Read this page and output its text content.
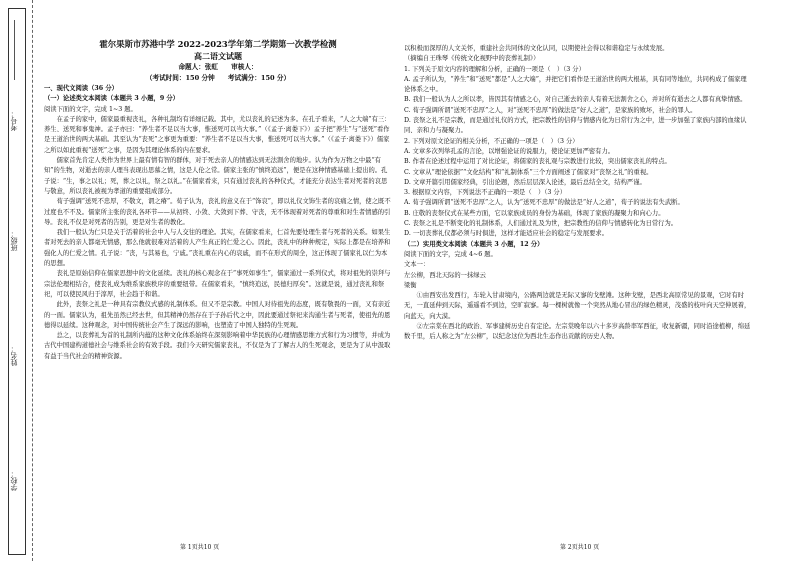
学校：
姓名：
班级：
考号：
霍尔果斯市苏港中学 2022-2023学年第二学期第一次教学检测
高二语文试题
命题人：张虹　　审核人：
（考试时间：150 分钟　　考试满分：150 分）
一、现代文阅读（36 分）
（一）论述类文本阅读（本题共 3 小题，9 分）

阅读下面的文字，完成 1~3 题。

在孟子的家中，儒家最重视丧礼，各种礼制均有详细记载。其中，尤以丧礼的记述为多。在孔子看来，“人之大端”有三：养生、送死和事鬼神。孟子亦曰：“养生者不足以当大事，惟送死可以当大事。”（《孟子·离娄下》）孟子把“养生”与“送死”看作是王道治世的两大基础。其至认为“丧死”之事更为重要：“养生者不足以当大事，惟送死可以当大事。”（《孟子·离娄下》）儒家之所以如此重视“送死”之事，是因为其理论体系的内在要求。

儒家首先肯定人类作为世界上最有情有智的群体，对于死去亲人的情感达到无法割舍的地步。认为作为万物之中最“有知”的生物，对逝去的亲人理当表现出思慕之情，这是人伦之常。儒家主张的“慎终追远”，便是在这种情感基础上提出的。孔子说：“生，事之以礼；死，葬之以礼，祭之以礼。”在儒家看来，只有通过丧礼的各种仪式，才能充分表达生者对死者的哀思与敬意，所以丧礼被视为孝道的重要组成部分。

荀子强调“送死不忠厚，不敬文，谓之瘠”。荀子认为，丧礼的意义在于“饰哀”，即以礼仪文饰生者的哀痛之情，使之既不过度也不不及。儒家所主张的丧礼各环节——从初终、小敛、大敛到下葬、守丧，无不体现着对死者的尊重和对生者情感的引导。丧礼不仅是对死者的告别，更是对生者的教化。

我们一般认为仁只是关于活着的社会中人与人交往的理论。其实，在儒家看来，仁首先要处理生者与死者的关系。如果生者对死去的亲人都毫无情感，那么他就很难对活着的人产生真正的仁爱之心。因此，丧礼中的种种规定，实际上都是在培养和强化人的仁爱之情。孔子说：“丧，与其易也，宁戚。”丧礼重在内心的哀戚，而不在形式的周全，这正体现了儒家礼以仁为本的思想。

丧礼是原始信仰在儒家思想中的文化延续。丧礼的核心观念在于“事死如事生”，儒家通过一系列仪式，将对祖先的崇拜与宗法伦理相结合，使丧礼成为维系家族秩序的重要纽带。在儒家看来，“慎终追远，民德归厚矣”。这就是说，通过丧礼和祭祀，可以使民风归于淳厚，社会趋于和谐。

此外，丧祭之礼是一种具有宗教仪式感的礼制体系。但又不是宗教。中国人对待祖先的态度，既有敬畏的一面，又有亲近的一面。儒家认为，祖先虽然已经去世，但其精神仍然存在于子孙后代之中，因此要通过祭祀来沟通生者与死者，使祖先的恩德得以延续。这种观念，对中国传统社会产生了深远的影响，也塑造了中国人独特的生死观。

总之，以丧葬礼为首的礼制所内蕴的这种文化体系始终在深刻影响着中华民族的心理情感思维方式和行为习惯等，并成为古代中国建构道德社会与维系社会的有效手段。我们今天研究儒家丧礼，不仅是为了了解古人的生死观念，更是为了从中汲取有益于当代社会的精神资源。

以积极而深厚的人文关怀，重建社会共同体的文化认同，以期使社会得以和谐稳定与永续发展。

（摘编自王珠琴《传统文化视野中的丧葬礼制》）

1. 下列关于原文内容的理解和分析，正确的一项是（　）（3 分）

A. 孟子所认为，“养生”和“送死”都是“人之大端”，并把它们看作是王道治世的两大根基，具有同等地位，共同构成了儒家理论体系之中。

B. 我们一般认为人之所以孝，皆因其有情感之心，对自己逝去的亲人有着无法割舍之心，并对所有逝去之人都有真挚情感。

C. 荀子强调所谓“送死不忠厚”之人，对“送死不忠厚”的做法是“好人之道”，是家族的败坏，社会的罪人。

D. 丧祭之礼不是宗教，而是通过礼仪的方式，把宗教性的信仰与情感内化为日常行为之中，进一步加强了家族内部的血缘认同、亲和力与凝聚力。

2. 下列对原文论证的相关分析，不正确的一项是（　）（3 分）

A. 文章多次列举孔孟的言论，以增强论证的说服力，使论证更加严密有力。

B. 作者在论述过程中运用了对比论证，将儒家的丧礼观与宗教进行比较，突出儒家丧礼的特点。

C. 文章从“理论依据”“文化结构”和“礼制体系”三个方面阐述了儒家对“丧祭之礼”的重视。

D. 文章开篇引用儒家经典，引出论题，然后层层深入论述，最后总结全文，结构严谨。

3. 根据原文内容，下列说法不正确的一项是（　）（3 分）

A. 荀子强调所谓“送死不忠厚”之人，认为“送死不忠厚”的做法是“好人之道”，荀子的说法有失武断。

B. 庄敬的丧祭仪式在某些方面，它以家族成员的身份为基础，体现了家族的凝聚力和向心力。

C. 丧祭之礼是不断变化的礼制体系，人们通过礼及为世，把宗教性的信仰与情感转化为日常行为。

D. 一切丧葬礼仪都必须与时俱进，这样才能适应社会的稳定与发展要求。

（二）实用类文本阅读（本题共 3 小题，12 分）

阅读下面的文字，完成 4~6 题。

文本一：

左公柳，西北天际的一抹绿云

梁衡

①由西安出发西行，车轮入甘肃境内，公路两边就是无际又寥的戈壁滩。这种戈壁，是西北高原常见的景观，它时有时无，一直延伸到天际，遥遥看不到边，空旷寂寥。每一棵树就像一个突然从地心冒出的绿色精灵，茂盛的枝叶向天空伸展着，向蓝天，向大漠。

②左宗棠在西北的政治、军事建树历史自有定论。左宗棠晚年以六十多岁高龄率军西征，收复新疆，同时沿途植柳，绵延数千里，后人称之为“左公柳”，以纪念这位为西北生态作出贡献的历史人物。

第 1页共10 页	第 2页共10 页
